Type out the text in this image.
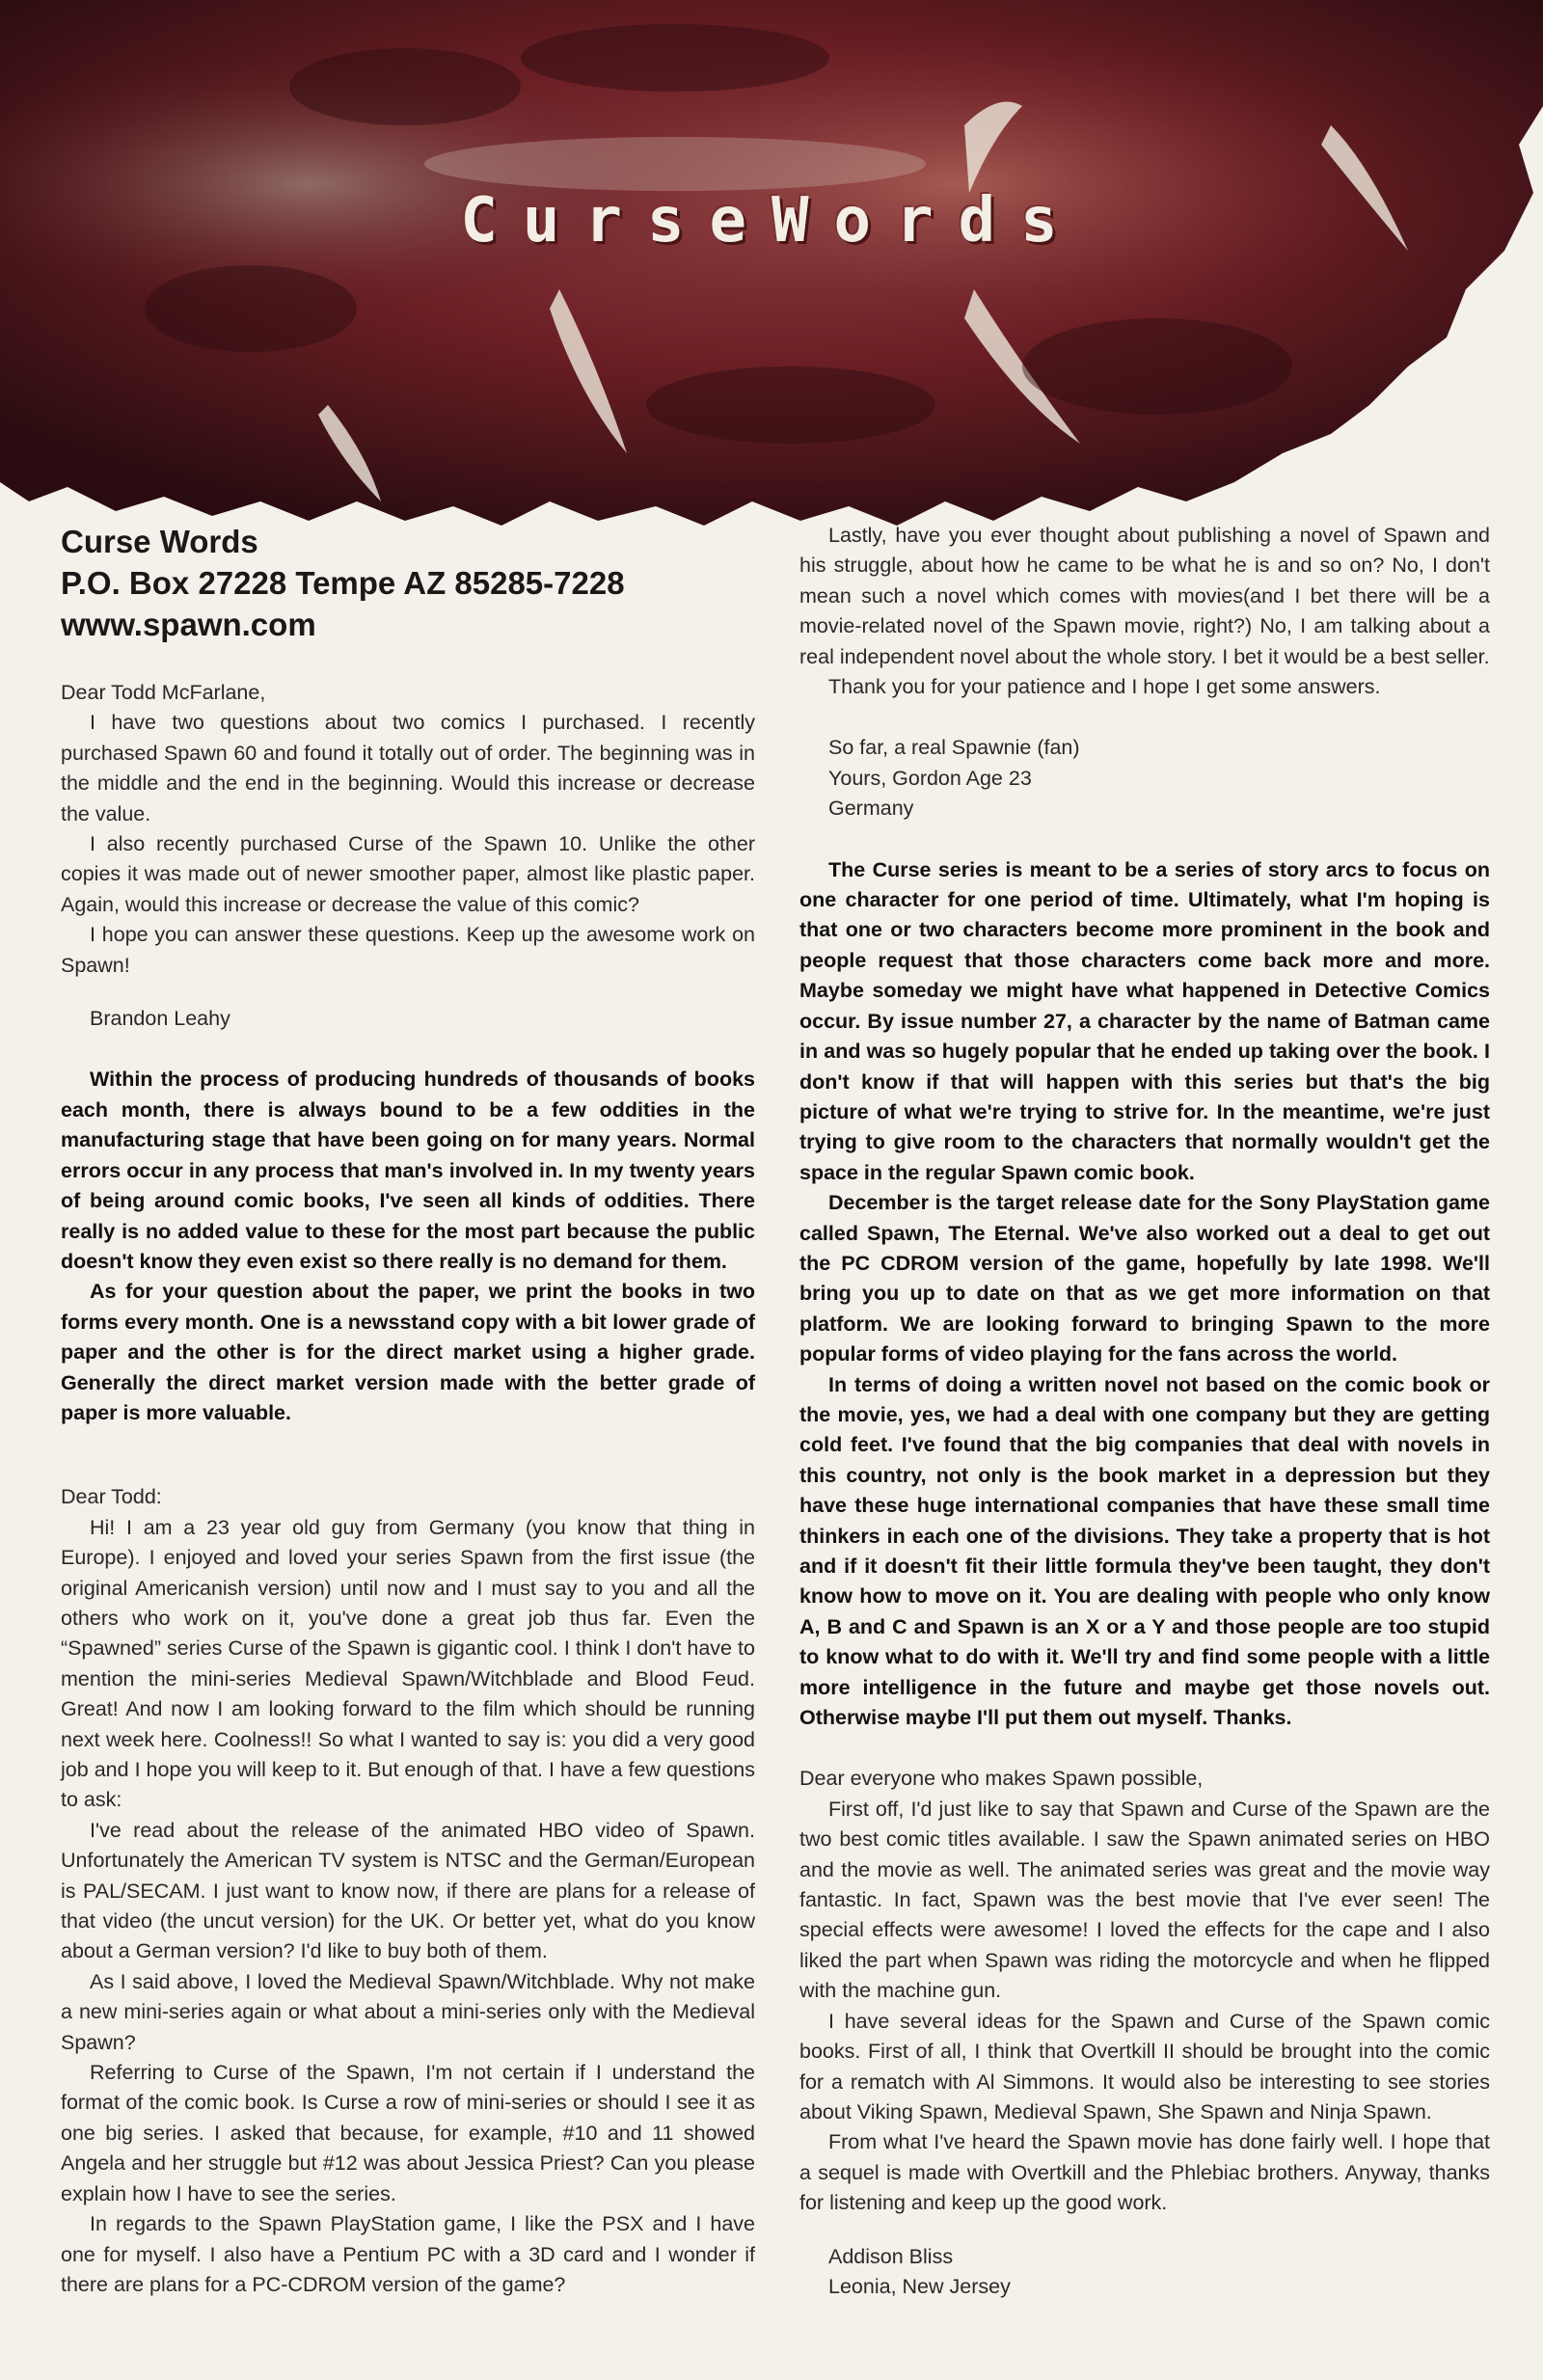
CurseWords

Curse Words

P.O. Box 27228 Tempe AZ 85285-7228

www.spawn.com

Dear Todd McFarlane,

I have two questions about two comics I purchased. I recently purchased Spawn 60 and found it totally out of order. The beginning was in the middle and the end in the beginning. Would this increase or decrease the value.

I also recently purchased Curse of the Spawn 10. Unlike the other copies it was made out of newer smoother paper, almost like plastic paper. Again, would this increase or decrease the value of this comic?

I hope you can answer these questions. Keep up the awesome work on Spawn!

Brandon Leahy

Within the process of producing hundreds of thousands of books each month, there is always bound to be a few oddities in the manufacturing stage that have been going on for many years. Normal errors occur in any process that man's involved in. In my twenty years of being around comic books, I've seen all kinds of oddities. There really is no added value to these for the most part because the public doesn't know they even exist so there really is no demand for them.

As for your question about the paper, we print the books in two forms every month. One is a newsstand copy with a bit lower grade of paper and the other is for the direct market using a higher grade. Generally the direct market version made with the better grade of paper is more valuable.

Dear Todd:

Hi! I am a 23 year old guy from Germany (you know that thing in Europe). I enjoyed and loved your series Spawn from the first issue (the original Americanish version) until now and I must say to you and all the others who work on it, you've done a great job thus far. Even the “Spawned” series Curse of the Spawn is gigantic cool. I think I don't have to mention the mini-series Medieval Spawn/Witchblade and Blood Feud. Great! And now I am looking forward to the film which should be running next week here. Coolness!! So what I wanted to say is: you did a very good job and I hope you will keep to it. But enough of that. I have a few questions to ask:

I've read about the release of the animated HBO video of Spawn. Unfortunately the American TV system is NTSC and the German/European is PAL/SECAM. I just want to know now, if there are plans for a release of that video (the uncut version) for the UK. Or better yet, what do you know about a German version? I'd like to buy both of them.

As I said above, I loved the Medieval Spawn/Witchblade. Why not make a new mini-series again or what about a mini-series only with the Medieval Spawn?

Referring to Curse of the Spawn, I'm not certain if I understand the format of the comic book. Is Curse a row of mini-series or should I see it as one big series. I asked that because, for example, #10 and 11 showed Angela and her struggle but #12 was about Jessica Priest? Can you please explain how I have to see the series.

In regards to the Spawn PlayStation game, I like the PSX and I have one for myself. I also have a Pentium PC with a 3D card and I wonder if there are plans for a PC-CDROM version of the game?

Lastly, have you ever thought about publishing a novel of Spawn and his struggle, about how he came to be what he is and so on? No, I don't mean such a novel which comes with movies(and I bet there will be a movie-related novel of the Spawn movie, right?) No, I am talking about a real independent novel about the whole story. I bet it would be a best seller.

Thank you for your patience and I hope I get some answers.

So far, a real Spawnie (fan)

Yours, Gordon Age 23

Germany

The Curse series is meant to be a series of story arcs to focus on one character for one period of time. Ultimately, what I'm hoping is that one or two characters become more prominent in the book and people request that those characters come back more and more. Maybe someday we might have what happened in Detective Comics occur. By issue number 27, a character by the name of Batman came in and was so hugely popular that he ended up taking over the book. I don't know if that will happen with this series but that's the big picture of what we're trying to strive for. In the meantime, we're just trying to give room to the characters that normally wouldn't get the space in the regular Spawn comic book.

December is the target release date for the Sony PlayStation game called Spawn, The Eternal. We've also worked out a deal to get out the PC CDROM version of the game, hopefully by late 1998. We'll bring you up to date on that as we get more information on that platform. We are looking forward to bringing Spawn to the more popular forms of video playing for the fans across the world.

In terms of doing a written novel not based on the comic book or the movie, yes, we had a deal with one company but they are getting cold feet. I've found that the big companies that deal with novels in this country, not only is the book market in a depression but they have these huge international companies that have these small time thinkers in each one of the divisions. They take a property that is hot and if it doesn't fit their little formula they've been taught, they don't know how to move on it. You are dealing with people who only know A, B and C and Spawn is an X or a Y and those people are too stupid to know what to do with it. We'll try and find some people with a little more intelligence in the future and maybe get those novels out. Otherwise maybe I'll put them out myself. Thanks.

Dear everyone who makes Spawn possible,

First off, I'd just like to say that Spawn and Curse of the Spawn are the two best comic titles available. I saw the Spawn animated series on HBO and the movie as well. The animated series was great and the movie way fantastic. In fact, Spawn was the best movie that I've ever seen! The special effects were awesome! I loved the effects for the cape and I also liked the part when Spawn was riding the motorcycle and when he flipped with the machine gun.

I have several ideas for the Spawn and Curse of the Spawn comic books. First of all, I think that Overtkill II should be brought into the comic for a rematch with Al Simmons. It would also be interesting to see stories about Viking Spawn, Medieval Spawn, She Spawn and Ninja Spawn.

From what I've heard the Spawn movie has done fairly well. I hope that a sequel is made with Overtkill and the Phlebiac brothers. Anyway, thanks for listening and keep up the good work.

Addison Bliss

Leonia, New Jersey
